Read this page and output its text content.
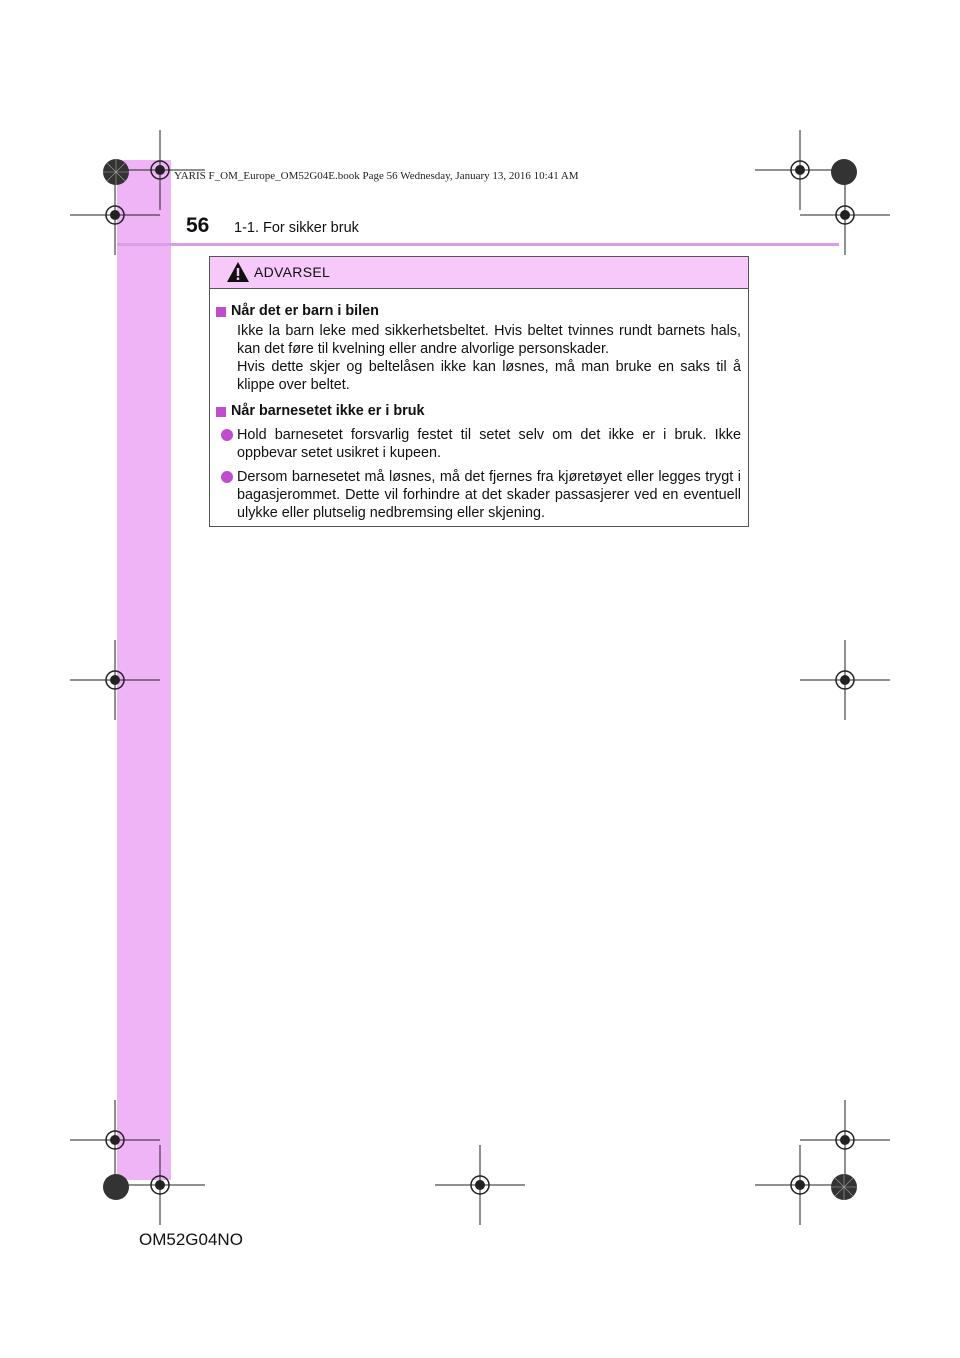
YARIS F_OM_Europe_OM52G04E.book Page 56 Wednesday, January 13, 2016 10:41 AM
56 1-1. For sikker bruk
ADVARSEL
Når det er barn i bilen
Ikke la barn leke med sikkerhetsbeltet. Hvis beltet tvinnes rundt barnets hals, kan det føre til kvelning eller andre alvorlige personskader.
Hvis dette skjer og beltelåsen ikke kan løsnes, må man bruke en saks til å klippe over beltet.
Når barnesetet ikke er i bruk
Hold barnesetet forsvarlig festet til setet selv om det ikke er i bruk. Ikke oppbevar setet usikret i kupeen.
Dersom barnesetet må løsnes, må det fjernes fra kjøretøyet eller legges trygt i bagasjerommet. Dette vil forhindre at det skader passasjerer ved en eventuell ulykke eller plutselig nedbremsing eller skjening.
OM52G04NO
